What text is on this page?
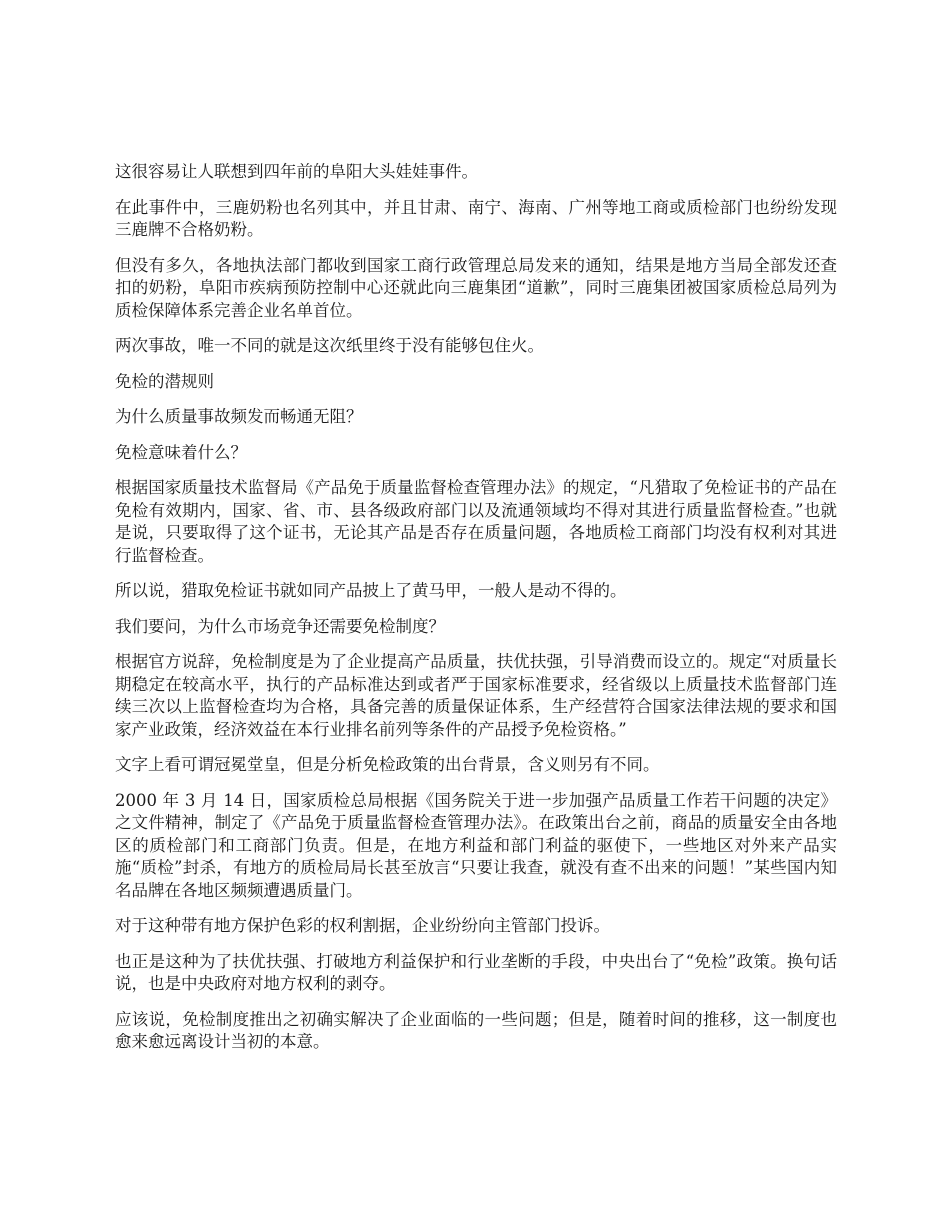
这很容易让人联想到四年前的阜阳大头娃娃事件。

在此事件中，三鹿奶粉也名列其中，并且甘肃、南宁、海南、广州等地工商或质检部门也纷纷发现三鹿牌不合格奶粉。

但没有多久，各地执法部门都收到国家工商行政管理总局发来的通知，结果是地方当局全部发还查扣的奶粉，阜阳市疾病预防控制中心还就此向三鹿集团“道歉”，同时三鹿集团被国家质检总局列为质检保障体系完善企业名单首位。

两次事故，唯一不同的就是这次纸里终于没有能够包住火。

免检的潜规则

为什么质量事故频发而畅通无阻？

免检意味着什么？

根据国家质量技术监督局《产品免于质量监督检查管理办法》的规定，“凡猎取了免检证书的产品在免检有效期内，国家、省、市、县各级政府部门以及流通领域均不得对其进行质量监督检查。”也就是说，只要取得了这个证书，无论其产品是否存在质量问题，各地质检工商部门均没有权利对其进行监督检查。

所以说，猎取免检证书就如同产品披上了黄马甲，一般人是动不得的。

我们要问，为什么市场竞争还需要免检制度？

根据官方说辞，免检制度是为了企业提高产品质量，扶优扶强，引导消费而设立的。规定“对质量长期稳定在较高水平，执行的产品标准达到或者严于国家标准要求，经省级以上质量技术监督部门连续三次以上监督检查均为合格，具备完善的质量保证体系，生产经营符合国家法律法规的要求和国家产业政策，经济效益在本行业排名前列等条件的产品授予免检资格。”

文字上看可谓冠冕堂皇，但是分析免检政策的出台背景，含义则另有不同。

2000 年 3 月 14 日，国家质检总局根据《国务院关于进一步加强产品质量工作若干问题的决定》之文件精神，制定了《产品免于质量监督检查管理办法》。在政策出台之前，商品的质量安全由各地区的质检部门和工商部门负责。但是，在地方利益和部门利益的驱使下，一些地区对外来产品实施“质检”封杀，有地方的质检局局长甚至放言“只要让我查，就没有查不出来的问题！”某些国内知名品牌在各地区频频遭遇质量门。

对于这种带有地方保护色彩的权利割据，企业纷纷向主管部门投诉。

也正是这种为了扶优扶强、打破地方利益保护和行业垄断的手段，中央出台了“免检”政策。换句话说，也是中央政府对地方权利的剥夺。

应该说，免检制度推出之初确实解决了企业面临的一些问题；但是，随着时间的推移，这一制度也愈来愈远离设计当初的本意。
